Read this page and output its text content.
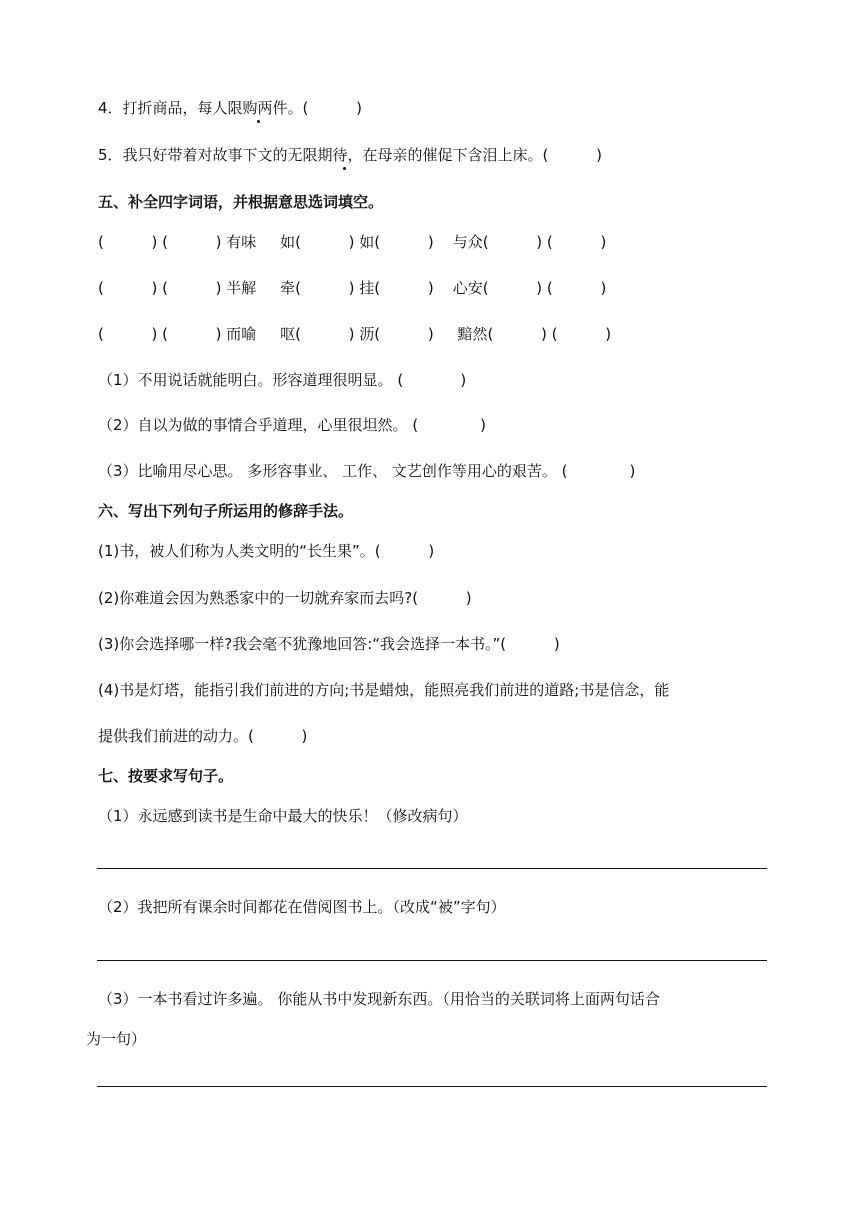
4．打折商品，每人限购两件。(          )
5．我只好带着对故事下文的无限期待，在母亲的催促下含泪上床。(          )
五、补全四字词语，并根据意思选词填空。
(          ) (          ) 有味     如(          ) 如(          )    与众(          ) (          )
(          ) (          ) 半解     牵(          ) 挂(          )    心安(          ) (          )
(          ) (          ) 而喻     呕(          ) 沥(          )     黯然(          ) (          )
（1）不用说话就能明白。形容道理很明显。 (            )
（2）自以为做的事情合乎道理，心里很坦然。 (             )
（3）比喻用尽心思。 多形容事业、 工作、 文艺创作等用心的艰苦。 (             )
六、写出下列句子所运用的修辞手法。
(1)书，被人们称为人类文明的“长生果”。(          )
(2)你难道会因为熟悉家中的一切就弃家而去吗?(          )
(3)你会选择哪一样?我会毫不犹豫地回答:“我会选择一本书。”(          )
(4)书是灯塔，能指引我们前进的方向;书是蜡烛，能照亮我们前进的道路;书是信念，能
提供我们前进的动力。(          )
七、按要求写句子。
（1）永远感到读书是生命中最大的快乐！（修改病句）
（2）我把所有课余时间都花在借阅图书上。（改成“被”字句）
（3）一本书看过许多遍。 你能从书中发现新东西。（用恰当的关联词将上面两句话合
为一句）
